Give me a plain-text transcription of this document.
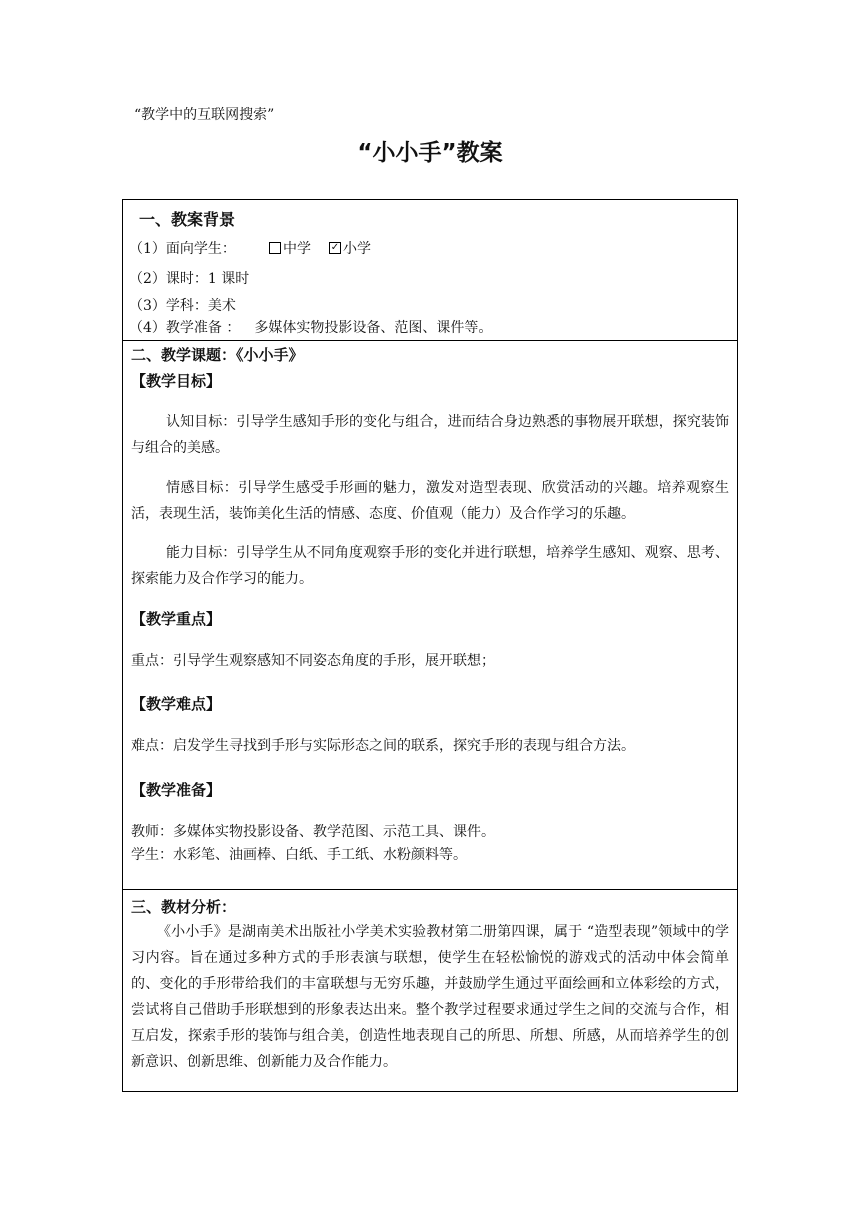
“教学中的互联网搜索”
“小小手”教案
一、教案背景
（1）面向学生：	中学
✓	小学
（2）课时：1 课时
（3）学科：美术
（4）教学准备 ： 多媒体实物投影设备、范图、课件等。
二、教学课题：《小小手》
【教学目标】
认知目标：引导学生感知手形的变化与组合，进而结合身边熟悉的事物展开联想，探究装饰与组合的美感。
情感目标：引导学生感受手形画的魅力，激发对造型表现、欣赏活动的兴趣。培养观察生活，表现生活，装饰美化生活的情感、态度、价值观（能力）及合作学习的乐趣。
能力目标：引导学生从不同角度观察手形的变化并进行联想，培养学生感知、观察、思考、探索能力及合作学习的能力。
【教学重点】
重点：引导学生观察感知不同姿态角度的手形，展开联想；
【教学难点】
难点：启发学生寻找到手形与实际形态之间的联系，探究手形的表现与组合方法。
【教学准备】
教师：多媒体实物投影设备、教学范图、示范工具、课件。
学生：水彩笔、油画棒、白纸、手工纸、水粉颜料等。
三、教材分析：
《小小手》是湖南美术出版社小学美术实验教材第二册第四课，属于 “造型表现”领域中的学习内容。旨在通过多种方式的手形表演与联想，使学生在轻松愉悦的游戏式的活动中体会简单的、变化的手形带给我们的丰富联想与无穷乐趣，并鼓励学生通过平面绘画和立体彩绘的方式，尝试将自己借助手形联想到的形象表达出来。整个教学过程要求通过学生之间的交流与合作，相互启发，探索手形的装饰与组合美，创造性地表现自己的所思、所想、所感，从而培养学生的创新意识、创新思维、创新能力及合作能力。
